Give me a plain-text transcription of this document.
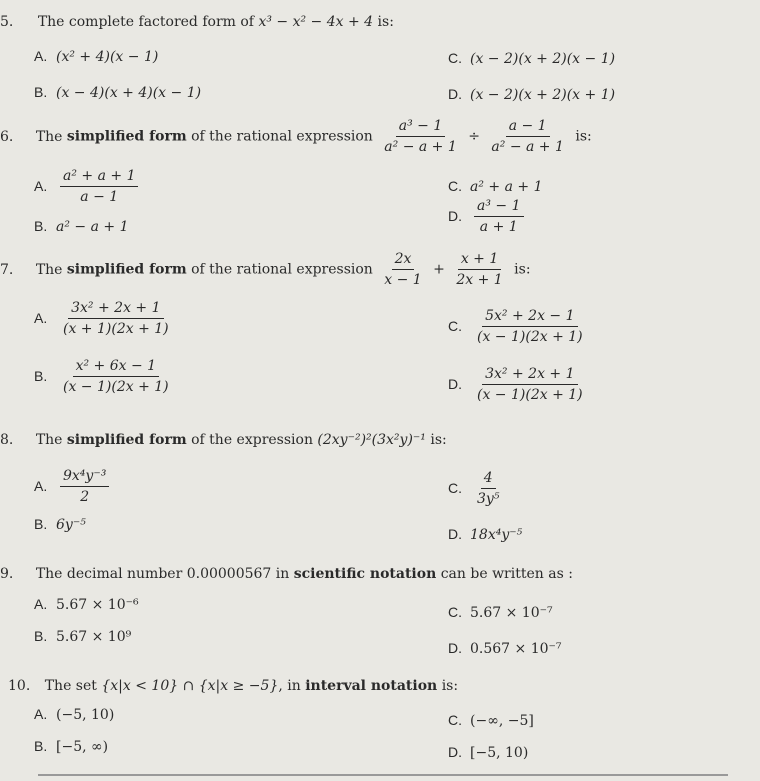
5. The complete factored form of x³ − x² − 4x + 4 is:
A. (x² + 4)(x − 1)
B. (x − 4)(x + 4)(x − 1)
C. (x − 2)(x + 2)(x − 1)
D. (x − 2)(x + 2)(x + 1)
6. The simplified form of the rational expression $\frac{\text{a³ − 1}}{\text{a² − a + 1}} \div \frac{a - 1}{\text{a² − a + 1}}$ is:
A. $\frac{\text{a² + a + 1}}{a - 1}$
B. a² − a + 1
C. a² + a + 1
D. $\frac{\text{a³ − 1}}{a + 1}$
7. The simplified form of the rational expression $\frac{2x}{x - 1} + \frac{x + 1}{2x + 1}$ is:
A. $\frac{\text{3x² + 2x + 1}}{(x + 1)(2x + 1)}$
B. $\frac{\text{x² + 6x − 1}}{(x - 1)(2x + 1)}$
C. $\frac{\text{5x² + 2x − 1}}{(x - 1)(2x + 1)}$
D. $\frac{\text{3x² + 2x + 1}}{(x - 1)(2x + 1)}$
8. The simplified form of the expression (2xy⁻²)²(3x²y)⁻¹ is:
A. $\frac{\text{9x⁴y⁻³}}{2}$
B. 6y⁻⁵
C. $\frac{4}{\text{3y⁵}}$
D. 18x⁴y⁻⁵
9. The decimal number 0.00000567 in scientific notation can be written as :
A. 5.67 × 10⁻⁶
B. 5.67 × 10⁹
C. 5.67 × 10⁻⁷
D. 0.567 × 10⁻⁷
10. The set {x|x < 10} ∩ {x|x ≥ −5}, in interval notation is:
A. (−5, 10)
B. [−5, ∞)
C. (−∞, −5]
D. [−5, 10)
